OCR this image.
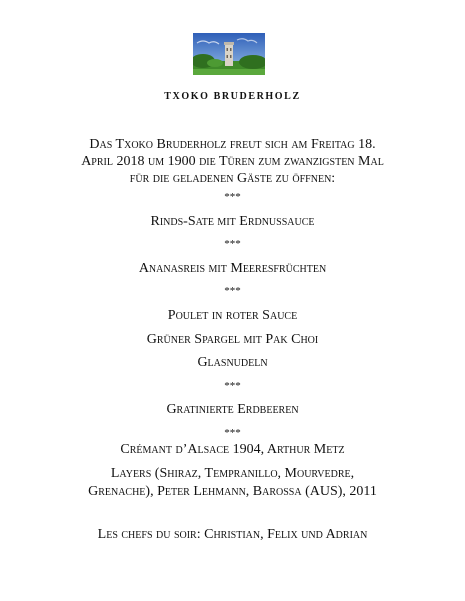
TXOKO BRUDERHOLZ
Das Txoko Bruderholz freut sich am Freitag 18.
April 2018 um 1900 die Türen zum zwanzigsten Mal
für die geladenen Gäste zu öffnen:
***
Rinds-Sate mit Erdnussauce
***
Ananasreis mit Meeresfrüchten
***
Poulet in roter Sauce
Grüner Spargel mit Pak Choi
Glasnudeln
***
Gratinierte Erdbeeren
***
Crémant d’Alsace 1904, Arthur Metz
Layers (Shiraz, Tempranillo, Mourvedre,
Grenache), Peter Lehmann, Barossa (AUS), 2011
Les chefs du soir: Christian, Felix und Adrian
